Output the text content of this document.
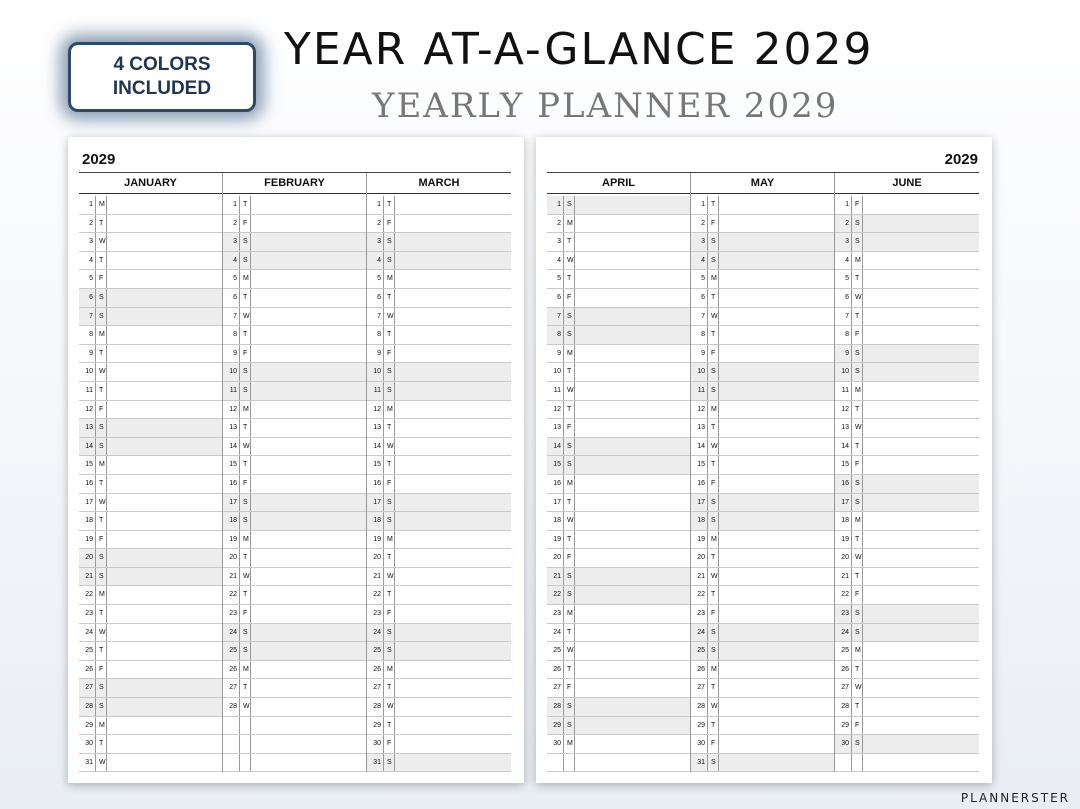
4 COLORS
INCLUDED
YEAR AT-A-GLANCE 2029
YEARLY PLANNER 2029
2029
JANUARY
1 M
2 T
3 W
4 T
5 F
6 S
7 S
8 M
9 T
10 W
11 T
12 F
13 S
14 S
15 M
16 T
17 W
18 T
19 F
20 S
21 S
22 M
23 T
24 W
25 T
26 F
27 S
28 S
29 M
30 T
31 W
FEBRUARY
1 T
2 F
3 S
4 S
5 M
6 T
7 W
8 T
9 F
10 S
11 S
12 M
13 T
14 W
15 T
16 F
17 S
18 S
19 M
20 T
21 W
22 T
23 F
24 S
25 S
26 M
27 T
28 W
MARCH
1 T
2 F
3 S
4 S
5 M
6 T
7 W
8 T
9 F
10 S
11 S
12 M
13 T
14 W
15 T
16 F
17 S
18 S
19 M
20 T
21 W
22 T
23 F
24 S
25 S
26 M
27 T
28 W
29 T
30 F
31 S
2029
APRIL
1 S
2 M
3 T
4 W
5 T
6 F
7 S
8 S
9 M
10 T
11 W
12 T
13 F
14 S
15 S
16 M
17 T
18 W
19 T
20 F
21 S
22 S
23 M
24 T
25 W
26 T
27 F
28 S
29 S
30 M
MAY
1 T
2 F
3 S
4 S
5 M
6 T
7 W
8 T
9 F
10 S
11 S
12 M
13 T
14 W
15 T
16 F
17 S
18 S
19 M
20 T
21 W
22 T
23 F
24 S
25 S
26 M
27 T
28 W
29 T
30 F
31 S
JUNE
1 F
2 S
3 S
4 M
5 T
6 W
7 T
8 F
9 S
10 S
11 M
12 T
13 W
14 T
15 F
16 S
17 S
18 M
19 T
20 W
21 T
22 F
23 S
24 S
25 M
26 T
27 W
28 T
29 F
30 S
PLANNERSTER
